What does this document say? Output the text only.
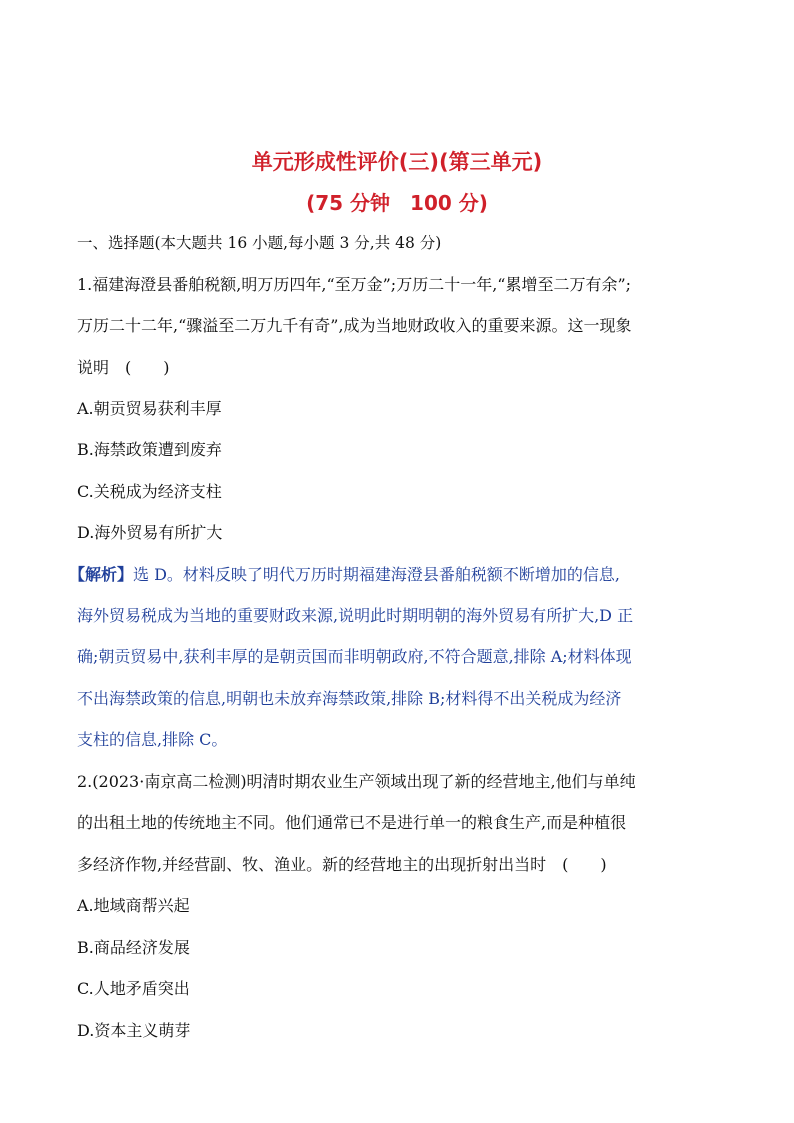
单元形成性评价(三)(第三单元)
(75 分钟　100 分)
一、选择题(本大题共 16 小题,每小题 3 分,共 48 分)
1.福建海澄县番舶税额,明万历四年,“至万金”;万历二十一年,“累增至二万有余”;
万历二十二年,“骤溢至二万九千有奇”,成为当地财政收入的重要来源。这一现象
说明　(　　)
A.朝贡贸易获利丰厚
B.海禁政策遭到废弃
C.关税成为经济支柱
D.海外贸易有所扩大
【解析】选 D。材料反映了明代万历时期福建海澄县番舶税额不断增加的信息,
海外贸易税成为当地的重要财政来源,说明此时期明朝的海外贸易有所扩大,D 正
确;朝贡贸易中,获利丰厚的是朝贡国而非明朝政府,不符合题意,排除 A;材料体现
不出海禁政策的信息,明朝也未放弃海禁政策,排除 B;材料得不出关税成为经济
支柱的信息,排除 C。
2.(2023·南京高二检测)明清时期农业生产领域出现了新的经营地主,他们与单纯
的出租土地的传统地主不同。他们通常已不是进行单一的粮食生产,而是种植很
多经济作物,并经营副、牧、渔业。新的经营地主的出现折射出当时　(　　)
A.地域商帮兴起
B.商品经济发展
C.人地矛盾突出
D.资本主义萌芽
